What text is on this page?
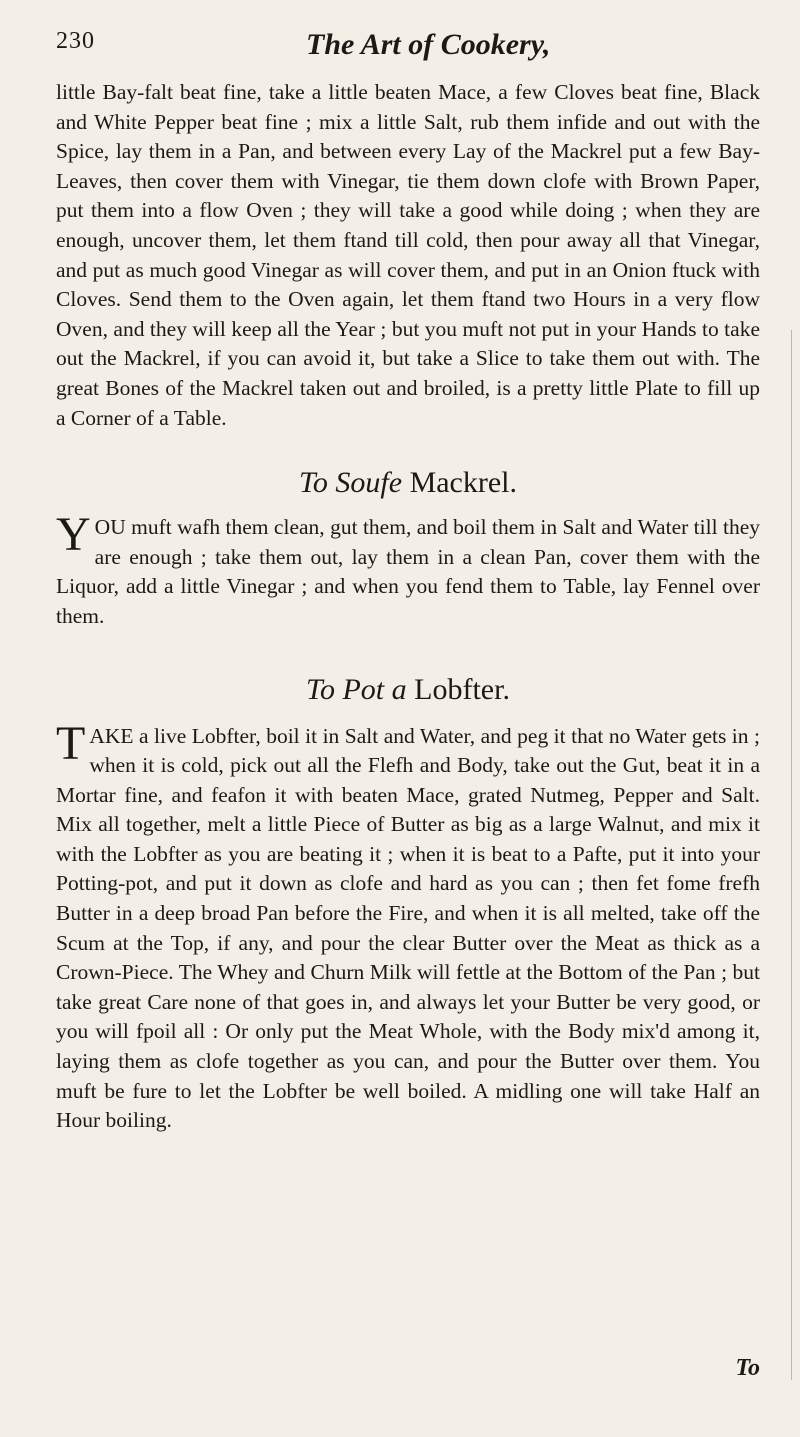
230	The Art of Cookery,

little Bay-falt beat fine, take a little beaten Mace, a few Cloves beat fine, Black and White Pepper beat fine ; mix a little Salt, rub them infide and out with the Spice, lay them in a Pan, and between every Lay of the Mackrel put a few Bay-Leaves, then cover them with Vinegar, tie them down clofe with Brown Paper, put them into a flow Oven ; they will take a good while doing ; when they are enough, uncover them, let them ftand till cold, then pour away all that Vinegar, and put as much good Vinegar as will cover them, and put in an Onion ftuck with Cloves. Send them to the Oven again, let them ftand two Hours in a very flow Oven, and they will keep all the Year ; but you muft not put in your Hands to take out the Mackrel, if you can avoid it, but take a Slice to take them out with. The great Bones of the Mackrel taken out and broiled, is a pretty little Plate to fill up a Corner of a Table.

To Soufe Mackrel.

YOU muft wafh them clean, gut them, and boil them in Salt and Water till they are enough ; take them out, lay them in a clean Pan, cover them with the Liquor, add a little Vinegar ; and when you fend them to Table, lay Fennel over them.

To Pot a Lobfter.

TAKE a live Lobfter, boil it in Salt and Water, and peg it that no Water gets in ; when it is cold, pick out all the Flefh and Body, take out the Gut, beat it in a Mortar fine, and feafon it with beaten Mace, grated Nutmeg, Pepper and Salt. Mix all together, melt a little Piece of Butter as big as a large Walnut, and mix it with the Lobfter as you are beating it ; when it is beat to a Pafte, put it into your Potting-pot, and put it down as clofe and hard as you can ; then fet fome frefh Butter in a deep broad Pan before the Fire, and when it is all melted, take off the Scum at the Top, if any, and pour the clear Butter over the Meat as thick as a Crown-Piece. The Whey and Churn Milk will fettle at the Bottom of the Pan ; but take great Care none of that goes in, and always let your Butter be very good, or you will fpoil all : Or only put the Meat Whole, with the Body mix'd among it, laying them as clofe together as you can, and pour the Butter over them. You muft be fure to let the Lobfter be well boiled. A midling one will take Half an Hour boiling.

To
